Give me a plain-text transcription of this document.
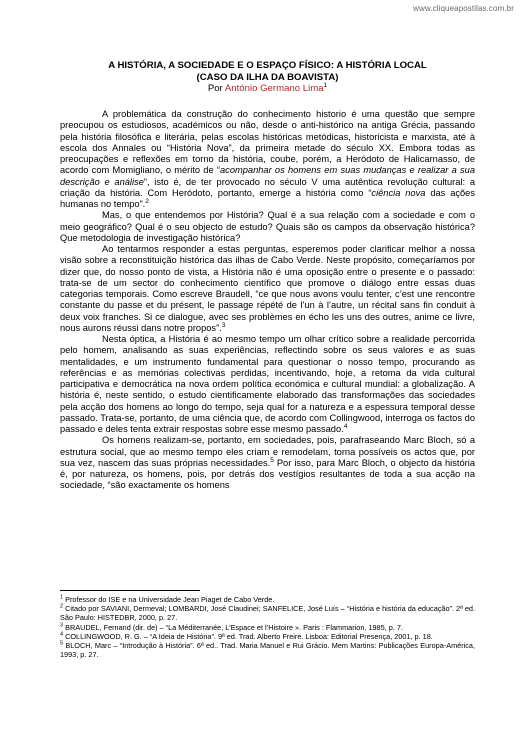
www.cliqueapostilas.com.br
A HISTÓRIA, A SOCIEDADE E O ESPAÇO FÍSICO: A HISTÓRIA LOCAL
(CASO DA ILHA DA BOAVISTA)

Por António Germano Lima$^1$

A problemática da construção do conhecimento historio é uma questão que sempre preocupou os estudiosos, académicos ou não, desde o anti-histórico na antiga Grécia, passando pela história filosófica e literária, pelas escolas históricas metódicas, historicista e marxista, até à escola dos Annales ou “História Nova”, da primeira metade do século XX. Embora todas as preocupações e reflexões em torno da história, coube, porém, a Heródoto de Halicarnasso, de acordo com Momigliano, o mérito de “acompanhar os homens em suas mudanças e realizar a sua descrição e análise”, isto é, de ter provocado no século V uma autêntica revolução cultural: a criação da história. Com Heródoto, portanto, emerge a história como “ciência nova das ações humanas no tempo”.$^2$

Mas, o que entendemos por História? Qual é a sua relação com a sociedade e com o meio geográfico? Qual é o seu objecto de estudo? Quais são os campos da observação histórica? Que metodologia de investigação histórica?

Ao tentarmos responder a estas perguntas, esperemos poder clarificar melhor a nossa visão sobre a reconstituição histórica das ilhas de Cabo Verde. Neste propósito, começaríamos por dizer que, do nosso ponto de vista, a História não é uma oposição entre o presente e o passado: trata-se de um sector do conhecimento científico que promove o diálogo entre essas duas categorias temporais. Como escreve Braudell, “ce que nous avons voulu tenter, c’est une rencontre constante du passe et du présent, le passage répété de l’un à l’autre, un récital sans fin conduit à deux voix franches. Si ce dialogue, avec ses problèmes en écho les uns des outres, anime ce livre, nous aurons réussi dans notre propos”.$^3$

Nesta óptica, a História é ao mesmo tempo um olhar crítico sobre a realidade percorrida pelo homem, analisando as suas experiências, reflectindo sobre os seus valores e as suas mentalidades, e um instrumento fundamental para questionar o nosso tempo, procurando as referências e as memórias colectivas perdidas, incentivando, hoje, a retoma da vida cultural participativa e democrática na nova ordem política económica e cultural mundial: a globalização. A história é, neste sentido, o estudo cientificamente elaborado das transformações das sociedades pela acção dos homens ao longo do tempo, seja qual for a natureza e a espessura temporal desse passado. Trata-se, portanto, de uma ciência que, de acordo com Collingwood, interroga os factos do passado e deles tenta extrair respostas sobre esse mesmo passado.$^4$

Os homens realizam-se, portanto, em sociedades, pois, parafraseando Marc Bloch, só a estrutura social, que ao mesmo tempo eles criam e remodelam, torna possíveis os actos que, por sua vez, nascem das suas próprias necessidades.$^5$ Por isso, para Marc Bloch, o objecto da história é, por natureza, os homens, pois, por detrás dos vestígios resultantes de toda a sua acção na sociedade, “são exactamente os homens

$^1$ Professor do ISE e na Universidade Jean Piaget de Cabo Verde.

$^2$ Citado por SAVIANI, Dermeval; LOMBARDI, José Claudinei; SANFELICE, José Luís – “História e história da educação”. 2ª ed. São Paulo: HISTEDBR, 2000, p. 27.

$^3$ BRAUDEL, Fernand (dir. de) – “La Méditerranée, L’Espace et l’Histoire ». Paris : Flammarion, 1985, p. 7.

$^4$ COLLINGWOOD, R. G. – “A Ideia de História”. 9ª ed. Trad. Alberto Freire. Lisboa: Editorial Presença, 2001, p. 18.

$^5$ BLOCH, Marc – “Introdução à História”. 6ª ed.. Trad. Maria Manuel e Rui Grácio. Mem Martins: Publicações Europa-América, 1993, p. 27.
